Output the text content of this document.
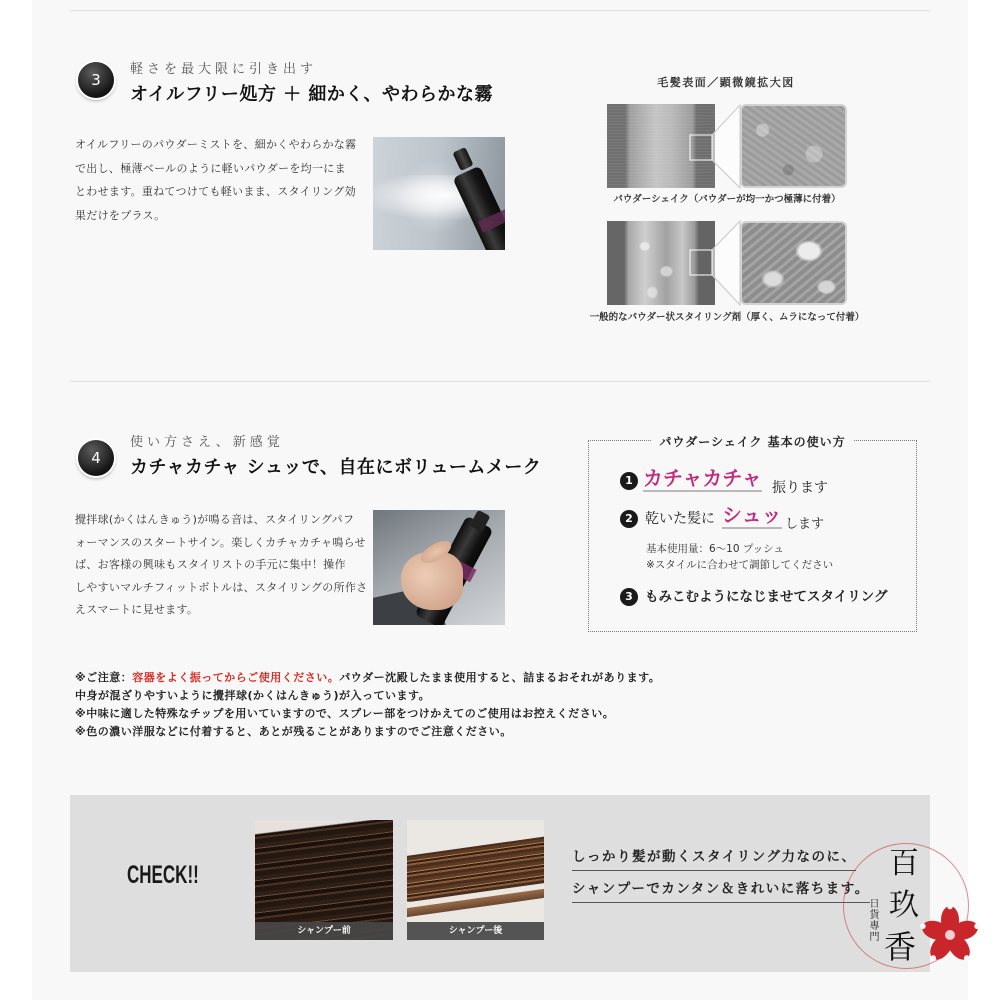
3
軽さを最大限に引き出す
オイルフリー処方 ＋ 細かく、やわらかな霧
オイルフリーのパウダーミストを、細かくやわらかな霧
で出し、極薄ベールのように軽いパウダーを均一にま
とわせます。重ねてつけても軽いまま、スタイリング効
果だけをプラス。
毛髪表面／顕微鏡拡大図
パウダーシェイク（パウダーが均一かつ極薄に付着）
一般的なパウダー状スタイリング剤（厚く、ムラになって付着）
4
使い方さえ、新感覚
カチャカチャ シュッで、自在にボリュームメーク
攪拌球(かくはんきゅう)が鳴る音は、スタイリングパフ
ォーマンスのスタートサイン。楽しくカチャカチャ鳴らせ
ば、お客様の興味もスタイリストの手元に集中！操作
しやすいマルチフィットボトルは、スタイリングの所作さ
えスマートに見せます。
パウダーシェイク 基本の使い方
1 カチャカチャ 振ります
2 乾いた髪に シュッ します
基本使用量：6～10 プッシュ
※スタイルに合わせて調節してください
3 もみこむようになじませてスタイリング
※ご注意：容器をよく振ってからご使用ください。パウダー沈殿したまま使用すると、詰まるおそれがあります。
中身が混ざりやすいように攪拌球(かくはんきゅう)が入っています。
※中味に適した特殊なチップを用いていますので、スプレー部をつけかえてのご使用はお控えください。
※色の濃い洋服などに付着すると、あとが残ることがありますのでご注意ください。
CHECK!!
シャンプー前	シャンプー後
しっかり髪が動くスタイリング力なのに、
シャンプーでカンタン＆きれいに落ちます。
百
玖
香
日貨專門
